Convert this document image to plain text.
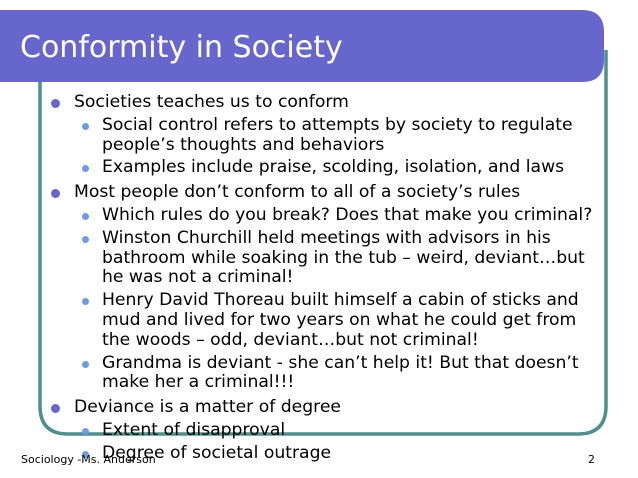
Conformity in Society
Societies teaches us to conform
Social control refers to attempts by society to regulate people’s thoughts and behaviors
Examples include praise, scolding, isolation, and laws
Most people don’t conform to all of a society’s rules
Which rules do you break? Does that make you criminal?
Winston Churchill held meetings with advisors in his bathroom while soaking in the tub – weird, deviant…but he was not a criminal!
Henry David Thoreau built himself a cabin of sticks and mud and lived for two years on what he could get from the woods – odd, deviant…but not criminal!
Grandma is deviant - she can’t help it! But that doesn’t make her a criminal!!!
Deviance is a matter of degree
Extent of disapproval
Degree of societal outrage
Sociology -Ms. Anderson	2
